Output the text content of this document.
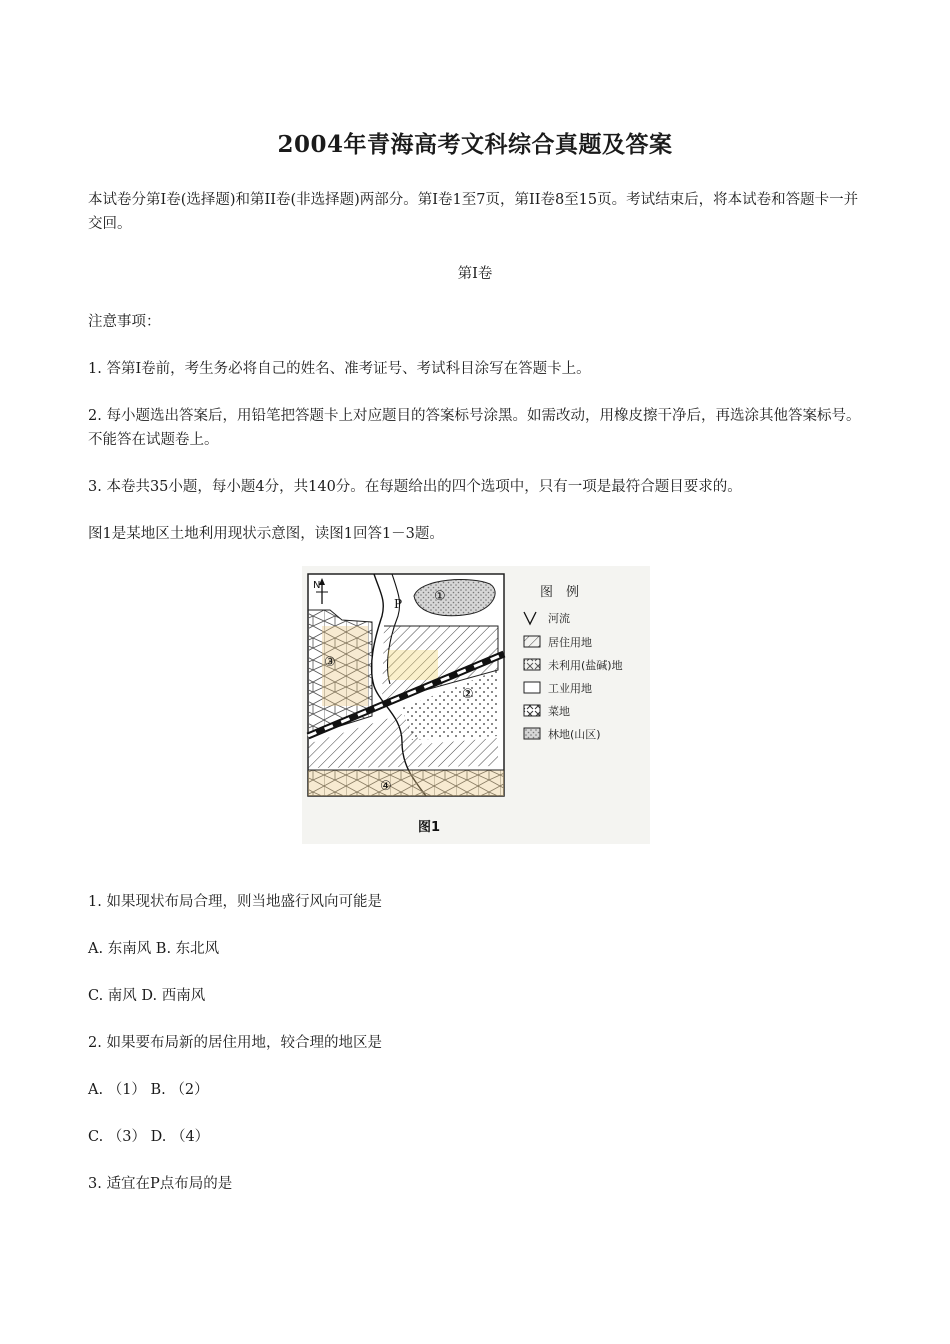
2004年青海高考文科综合真题及答案
本试卷分第Ⅰ卷(选择题)和第II卷(非选择题)两部分。第Ⅰ卷1至7页，第II卷8至15页。考试结束后，将本试卷和答题卡一并交回。
第Ⅰ卷
注意事项：
1. 答第Ⅰ卷前，考生务必将自己的姓名、准考证号、考试科目涂写在答题卡上。
2. 每小题选出答案后，用铅笔把答题卡上对应题目的答案标号涂黑。如需改动，用橡皮擦干净后，再选涂其他答案标号。不能答在试题卷上。
3. 本卷共35小题，每小题4分，共140分。在每题给出的四个选项中，只有一项是最符合题目要求的。
图1是某地区土地利用现状示意图，读图1回答1－3题。
N
P ①
②
③
④
图　例
河流
居住用地
未利用(盐碱)地
工业用地
菜地
林地(山区)
图1
1. 如果现状布局合理，则当地盛行风向可能是
A. 东南风 B. 东北风
C. 南风 D. 西南风
2. 如果要布局新的居住用地，较合理的地区是
A. （1） B. （2）
C. （3） D. （4）
3. 适宜在P点布局的是
